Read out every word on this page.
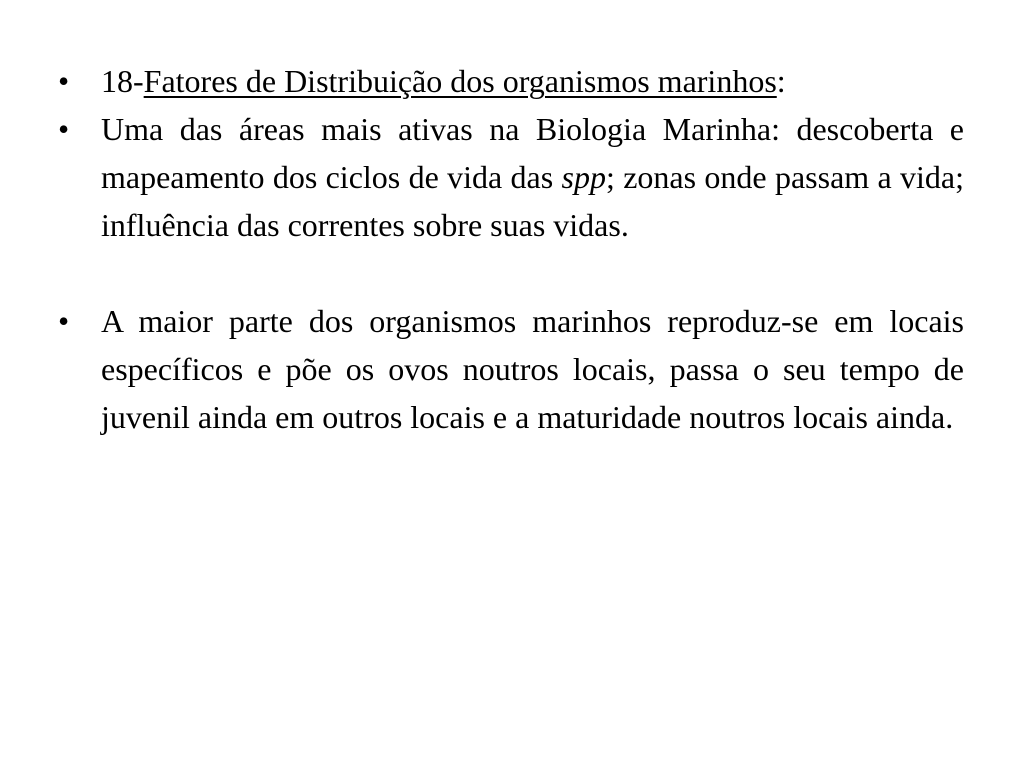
• 18-Fatores de Distribuição dos organismos marinhos:
• Uma das áreas mais ativas na Biologia Marinha: descoberta e mapeamento dos ciclos de vida das spp; zonas onde passam a vida; influência das correntes sobre suas vidas.
• A maior parte dos organismos marinhos reproduz-se em locais específicos e põe os ovos noutros locais, passa o seu tempo de juvenil ainda em outros locais e a maturidade noutros locais ainda.
